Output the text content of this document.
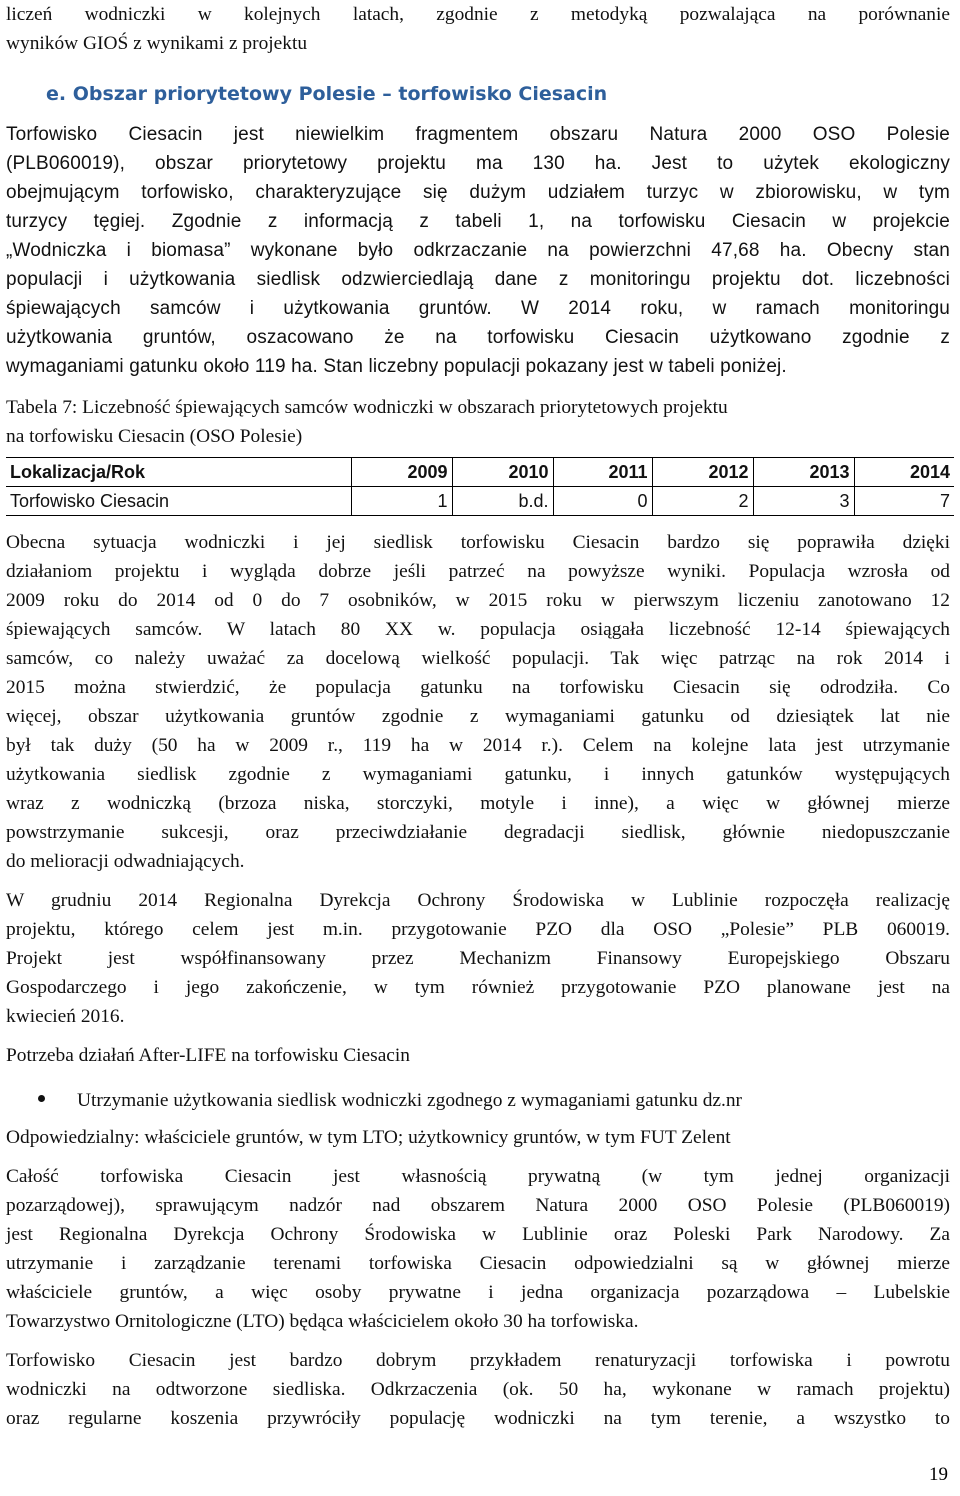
liczeń wodniczki w kolejnych latach, zgodnie z metodyką pozwalająca na porównanie

wyników GIOŚ z wynikami z projektu

e. Obszar priorytetowy Polesie – torfowisko Ciesacin

Torfowisko Ciesacin jest niewielkim fragmentem obszaru Natura 2000 OSO Polesie

(PLB060019), obszar priorytetowy projektu ma 130 ha. Jest to użytek ekologiczny

obejmującym torfowisko, charakteryzujące się dużym udziałem turzyc w zbiorowisku, w tym

turzycy tęgiej. Zgodnie z informacją z tabeli 1, na torfowisku Ciesacin w projekcie

„Wodniczka i biomasa” wykonane było odkrzaczanie na powierzchni 47,68 ha. Obecny stan

populacji i użytkowania siedlisk odzwierciedlają dane z monitoringu projektu dot. liczebności

śpiewających samców i użytkowania gruntów. W 2014 roku, w ramach monitoringu

użytkowania gruntów, oszacowano że na torfowisku Ciesacin użytkowano zgodnie z

wymaganiami gatunku około 119 ha. Stan liczebny populacji pokazany jest w tabeli poniżej.

Tabela 7: Liczebność śpiewających samców wodniczki w obszarach priorytetowych projektu

na torfowisku Ciesacin (OSO Polesie)

Lokalizacja/Rok	2009	2010	2011	2012	2013	2014
Torfowisko Ciesacin	1	b.d.	0	2	3	7

Obecna sytuacja wodniczki i jej siedlisk torfowisku Ciesacin bardzo się poprawiła dzięki

działaniom projektu i wygląda dobrze jeśli patrzeć na powyższe wyniki. Populacja wzrosła od

2009 roku do 2014 od 0 do 7 osobników, w 2015 roku w pierwszym liczeniu zanotowano 12

śpiewających samców. W latach 80 XX w. populacja osiągała liczebność 12-14 śpiewających

samców, co należy uważać za docelową wielkość populacji. Tak więc patrząc na rok 2014 i

2015 można stwierdzić, że populacja gatunku na torfowisku Ciesacin się odrodziła. Co

więcej, obszar użytkowania gruntów zgodnie z wymaganiami gatunku od dziesiątek lat nie

był tak duży (50 ha w 2009 r., 119 ha w 2014 r.). Celem na kolejne lata jest utrzymanie

użytkowania siedlisk zgodnie z wymaganiami gatunku, i innych gatunków występujących

wraz z wodniczką (brzoza niska, storczyki, motyle i inne), a więc w głównej mierze

powstrzymanie sukcesji, oraz przeciwdziałanie degradacji siedlisk, głównie niedopuszczanie

do melioracji odwadniających.

W grudniu 2014 Regionalna Dyrekcja Ochrony Środowiska w Lublinie rozpoczęła realizację

projektu, którego celem jest m.in. przygotowanie PZO dla OSO „Polesie” PLB 060019.

Projekt jest współfinansowany przez Mechanizm Finansowy Europejskiego Obszaru

Gospodarczego i jego zakończenie, w tym również przygotowanie PZO planowane jest na

kwiecień 2016.

Potrzeba działań After-LIFE na torfowisku Ciesacin

Utrzymanie użytkowania siedlisk wodniczki zgodnego z wymaganiami gatunku dz.nr

Odpowiedzialny: właściciele gruntów, w tym LTO; użytkownicy gruntów, w tym FUT Zelent

Całość torfowiska Ciesacin jest własnością prywatną (w tym jednej organizacji

pozarządowej), sprawującym nadzór nad obszarem Natura 2000 OSO Polesie (PLB060019)

jest Regionalna Dyrekcja Ochrony Środowiska w Lublinie oraz Poleski Park Narodowy. Za

utrzymanie i zarządzanie terenami torfowiska Ciesacin odpowiedzialni są w głównej mierze

właściciele gruntów, a więc osoby prywatne i jedna organizacja pozarządowa – Lubelskie

Towarzystwo Ornitologiczne (LTO) będąca właścicielem około 30 ha torfowiska.

Torfowisko Ciesacin jest bardzo dobrym przykładem renaturyzacji torfowiska i powrotu

wodniczki na odtworzone siedliska. Odkrzaczenia (ok. 50 ha, wykonane w ramach projektu)

oraz regularne koszenia przywróciły populację wodniczki na tym terenie, a wszystko to

19
